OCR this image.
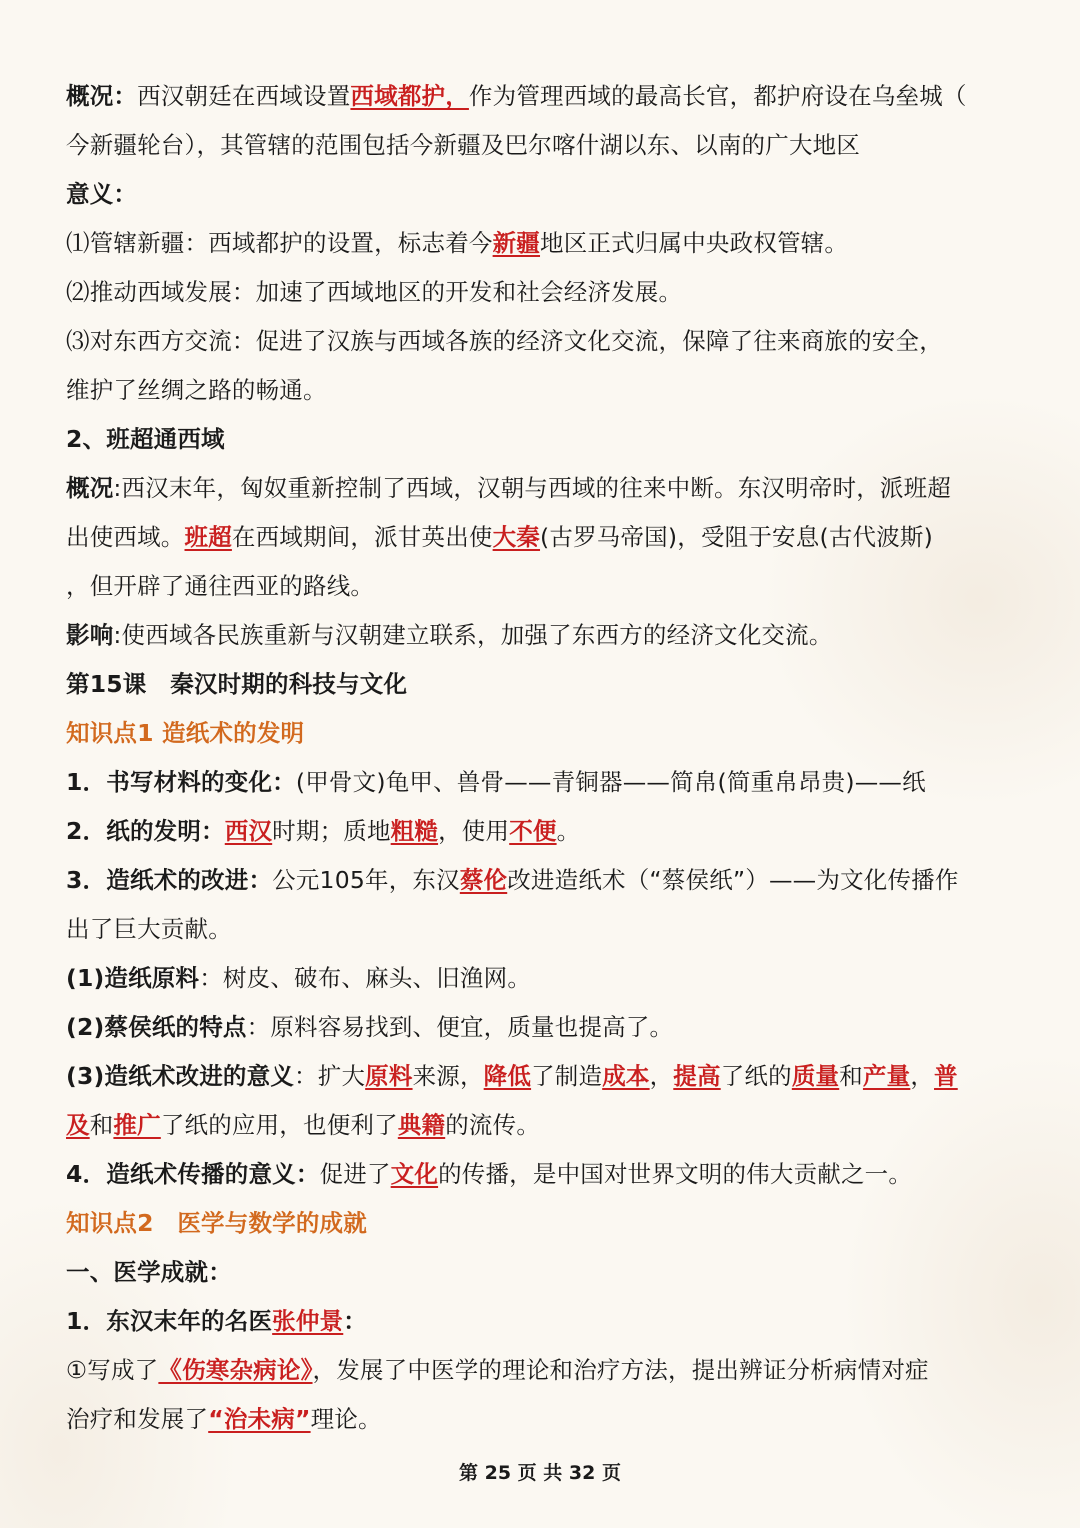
概况：西汉朝廷在西域设置西域都护，作为管理西域的最高长官，都护府设在乌垒城（
今新疆轮台），其管辖的范围包括今新疆及巴尔喀什湖以东、以南的广大地区
意义：
⑴管辖新疆：西域都护的设置，标志着今新疆地区正式归属中央政权管辖。
⑵推动西域发展：加速了西域地区的开发和社会经济发展。
⑶对东西方交流：促进了汉族与西域各族的经济文化交流，保障了往来商旅的安全，
维护了丝绸之路的畅通。
2、班超通西域
概况:西汉末年，匈奴重新控制了西域，汉朝与西域的往来中断。东汉明帝时，派班超
出使西域。班超在西域期间，派甘英出使大秦(古罗马帝国)，受阻于安息(古代波斯)
，但开辟了通往西亚的路线。
影响:使西域各民族重新与汉朝建立联系，加强了东西方的经济文化交流。
第15课　秦汉时期的科技与文化
知识点1 造纸术的发明
1．书写材料的变化：(甲骨文)龟甲、兽骨——青铜器——简帛(简重帛昂贵)——纸
2．纸的发明：西汉时期；质地粗糙，使用不便。
3．造纸术的改进：公元105年，东汉蔡伦改进造纸术（“蔡侯纸”）——为文化传播作
出了巨大贡献。
(1)造纸原料：树皮、破布、麻头、旧渔网。
(2)蔡侯纸的特点：原料容易找到、便宜，质量也提高了。
(3)造纸术改进的意义：扩大原料来源，降低了制造成本，提高了纸的质量和产量，普
及和推广了纸的应用，也便利了典籍的流传。
4．造纸术传播的意义：促进了文化的传播，是中国对世界文明的伟大贡献之一。
知识点2　医学与数学的成就
一、医学成就：
1．东汉末年的名医张仲景：
①写成了《伤寒杂病论》，发展了中医学的理论和治疗方法，提出辨证分析病情对症
治疗和发展了“治未病”理论。
第 25 页 共 32 页
